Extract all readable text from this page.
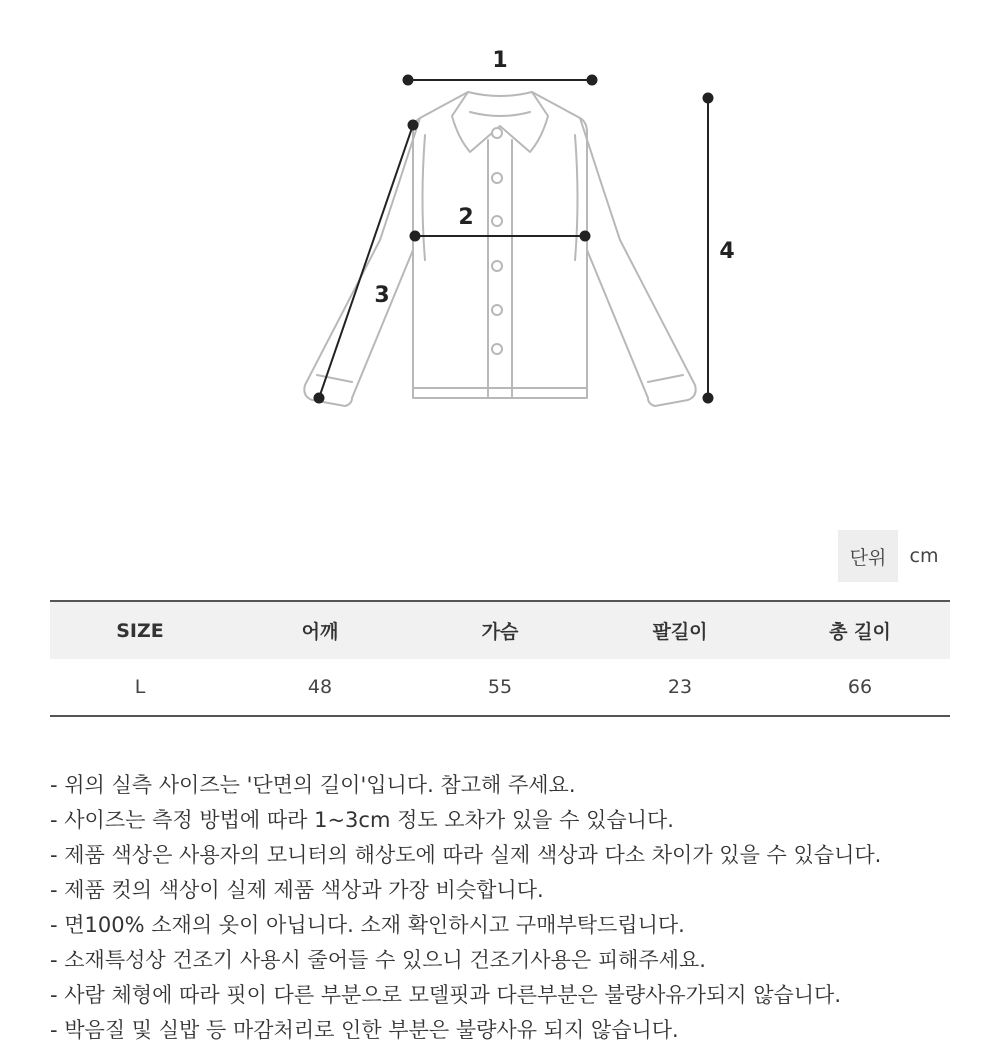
1
2
3
4
단위	cm
SIZE	어깨	가슴	팔길이	총 길이
L	48	55	23	66
- 위의 실측 사이즈는 '단면의 길이'입니다. 참고해 주세요.
- 사이즈는 측정 방법에 따라 1~3cm 정도 오차가 있을 수 있습니다.
- 제품 색상은 사용자의 모니터의 해상도에 따라 실제 색상과 다소 차이가 있을 수 있습니다.
- 제품 컷의 색상이 실제 제품 색상과 가장 비슷합니다.
- 면100% 소재의 옷이 아닙니다. 소재 확인하시고 구매부탁드립니다.
- 소재특성상 건조기 사용시 줄어들 수 있으니 건조기사용은 피해주세요.
- 사람 체형에 따라 핏이 다른 부분으로 모델핏과 다른부분은 불량사유가되지 않습니다.
- 박음질 및 실밥 등 마감처리로 인한 부분은 불량사유 되지 않습니다.
